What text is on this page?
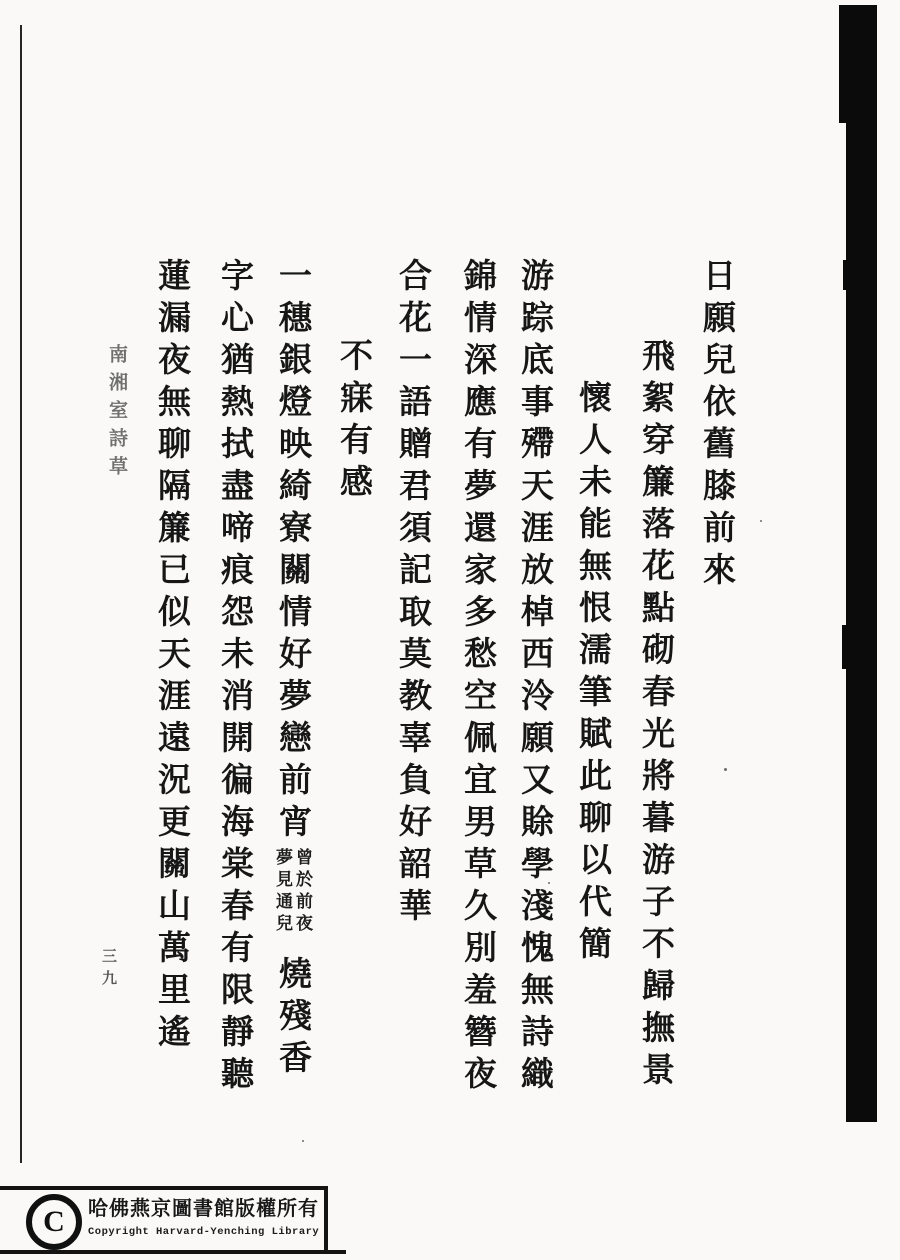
日願兒依舊膝前來
飛絮穿簾落花點砌春光將暮游子不歸撫景
懷人未能無恨濡筆賦此聊以代簡
游踪底事殢天涯放棹西泠願又賖學淺愧無詩織
錦情深應有夢還家多愁空佩宜男草久別羞簪夜
合花一語贈君須記取莫教辜負好韶華
不寐有感
一穗銀燈映綺寮關情好夢戀前宵
曾於前夜
夢見通兒
燒殘香
字心猶熱拭盡啼痕怨未消開徧海棠春有限靜聽
蓮漏夜無聊隔簾已似天涯遠況更關山萬里遙
南湘室詩草
三九
C	哈佛燕京圖書館版權所有
Copyright Harvard-Yenching Library
